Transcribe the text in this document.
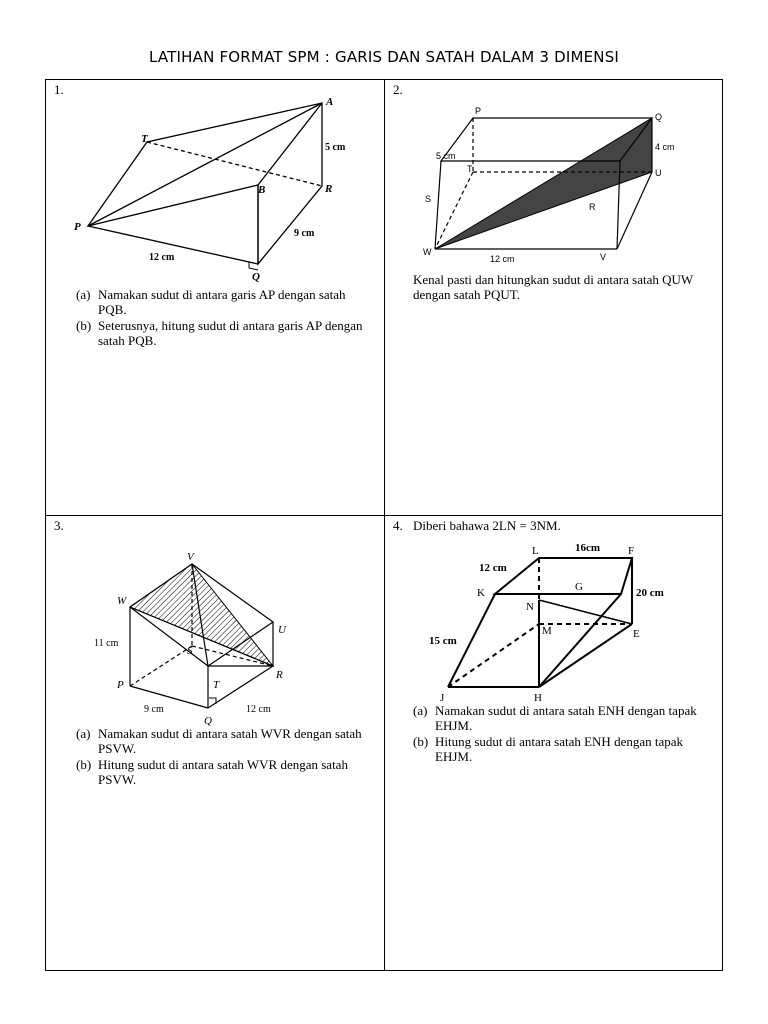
LATIHAN FORMAT SPM : GARIS DAN SATAH DALAM 3 DIMENSI
1.
A
T
B	R
P
Q
5 cm
9 cm
12 cm
(a) Namakan sudut di antara garis AP dengan satah PQB.
(b) Seterusnya, hitung sudut di antara garis AP dengan satah PQB.
2.
P
Q
T	U
S
R
W	V
5 cm
4 cm
12 cm
Kenal pasti dan hitungkan sudut di antara satah QUW dengan satah PQUT.
3.
V
W
U
S
T
R
P
Q
11 cm
9 cm	12 cm
(a) Namakan sudut di antara satah WVR dengan satah PSVW.
(b) Hitung sudut di antara satah WVR dengan satah PSVW.
4. Diberi bahawa 2LN = 3NM.
L	F
K	G
N
M	E
J	H
16cm
12 cm
20 cm
15 cm
(a) Namakan sudut di antara satah ENH dengan tapak EHJM.
(b) Hitung sudut di antara satah ENH dengan tapak EHJM.
